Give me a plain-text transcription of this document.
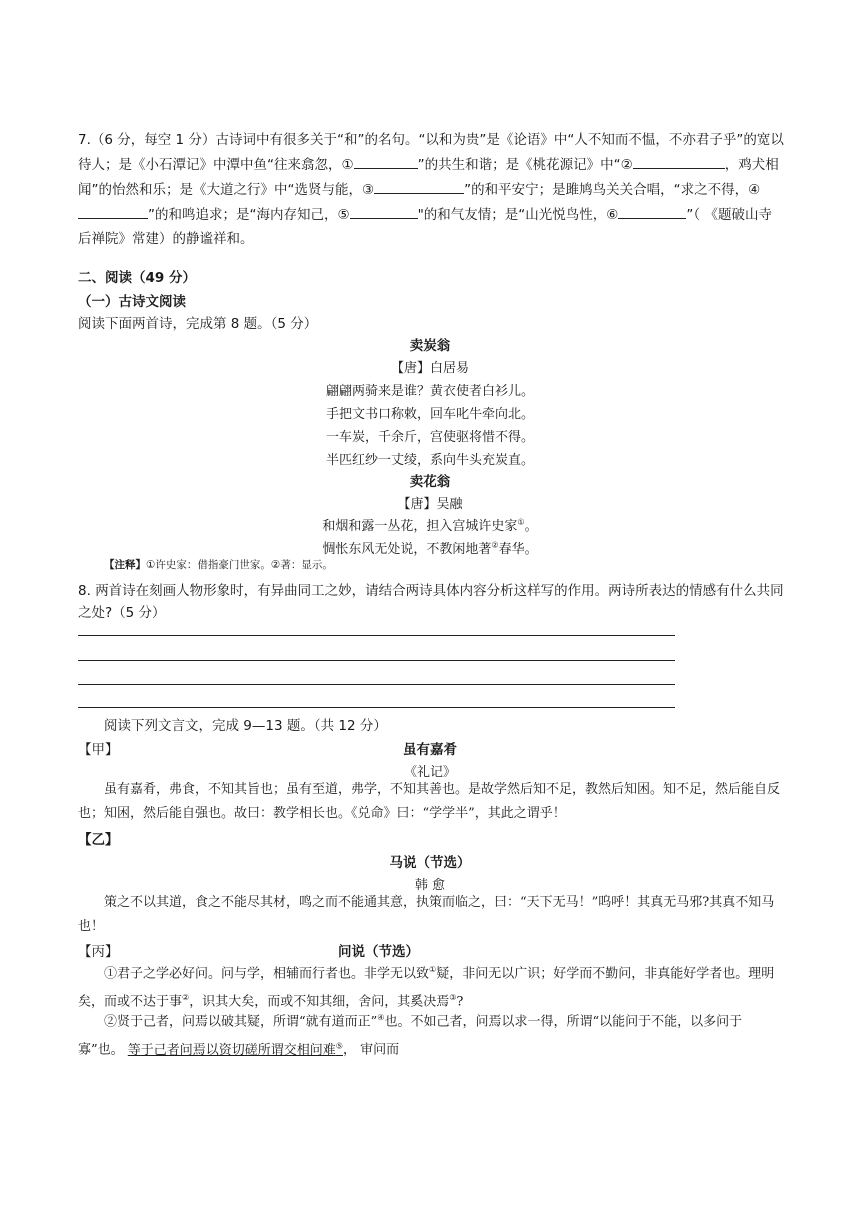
7.（6 分，每空 1 分）古诗词中有很多关于“和”的名句。“以和为贵”是《论语》中“人不知而不愠，不亦君子乎”的宽以待人；是《小石潭记》中潭中鱼“往来翕忽，①	”的共生和谐；是《桃花源记》中“②	，鸡犬相闻”的怡然和乐；是《大道之行》中“选贤与能，③	”的和平安宁；是雎鸠鸟关关合唱，“求之不得，④”的和鸣追求；是“海内存知己，⑤	"的和气友情；是“山光悦鸟性，⑥	”（ 《题破山寺后禅院》常建）的静谧祥和。
二、阅读（49 分）
（一）古诗文阅读
阅读下面两首诗，完成第 8 题。（5 分）
卖炭翁
【唐】白居易
翩翩两骑来是谁？黄衣使者白衫儿。
手把文书口称敕，回车叱牛牵向北。
一车炭，千余斤，宫使驱将惜不得。
半匹红纱一丈绫，系向牛头充炭直。
卖花翁
【唐】吴融
和烟和露一丛花，担入宫城许史家①。
惆怅东风无处说，不教闲地著②春华。
【注释】①许史家：借指豪门世家。②著：显示。
8. 两首诗在刻画人物形象时，有异曲同工之妙，请结合两诗具体内容分析这样写的作用。两诗所表达的情感有什么共同之处?（5 分）
阅读下列文言文，完成 9—13 题。（共 12 分）
【甲】	虽有嘉肴
《礼记》
虽有嘉肴，弗食，不知其旨也；虽有至道，弗学，不知其善也。是故学然后知不足，教然后知困。知不足，然后能自反也；知困，然后能自强也。故曰：教学相长也。《兑命》曰：“学学半”，其此之谓乎！
【乙】
马说（节选）
韩 愈
策之不以其道，食之不能尽其材，鸣之而不能通其意，执策而临之，曰：“天下无马！”呜呼！其真无马邪?其真不知马也！
【丙】	问说（节选）
①君子之学必好问。问与学，相辅而行者也。非学无以致①疑，非问无以广识；好学而不勤问，非真能好学者也。理明矣，而或不达于事②，识其大矣，而或不知其细，舍问，其奚决焉③?
②贤于己者，问焉以破其疑，所谓“就有道而正”④也。不如己者，问焉以求一得，所谓“以能问于不能，以多问于寡”也。 等于己者问焉以资切磋所谓交相问难⑤， 审问而
